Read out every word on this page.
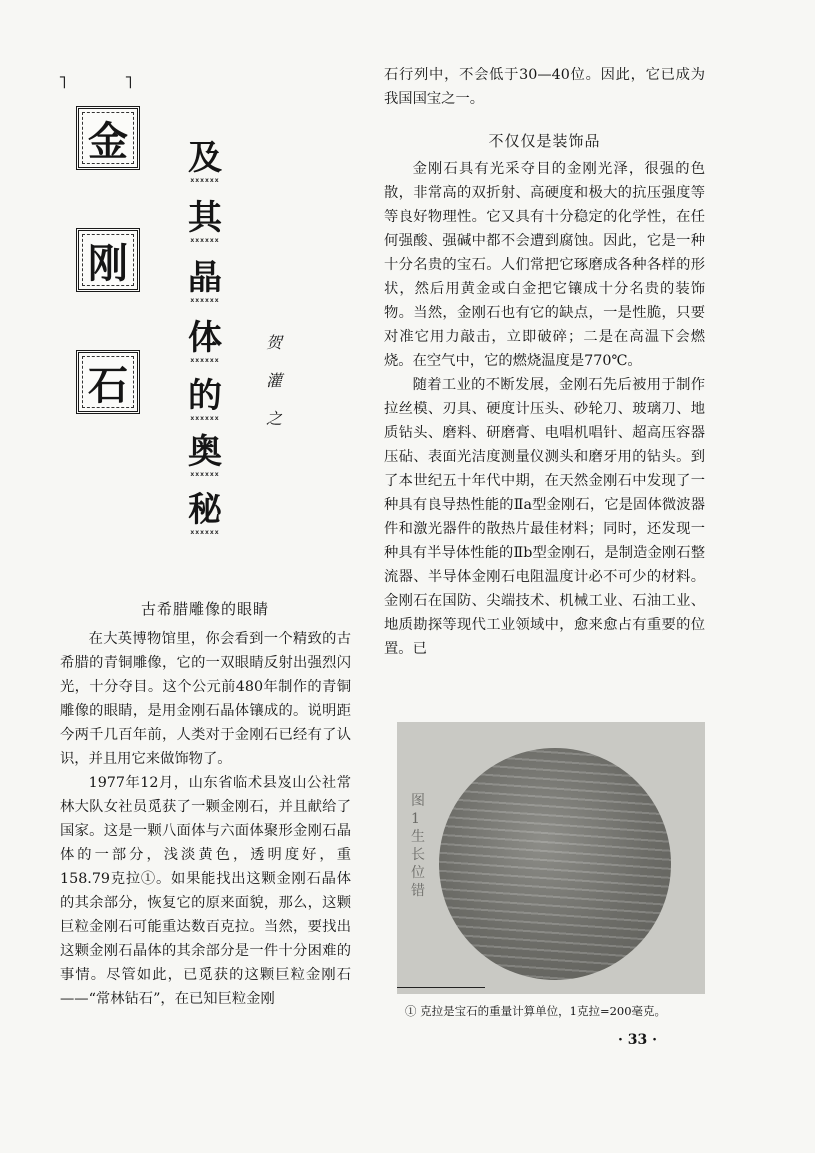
˥	˥
金
刚
石
及 xxxxxx
其 xxxxxx
晶 xxxxxx
体 xxxxxx
的 xxxxxx
奥 xxxxxx
秘 xxxxxx
贺
灌
之
古希腊雕像的眼睛

在大英博物馆里，你会看到一个精致的古希腊的青铜雕像，它的一双眼睛反射出强烈闪光，十分夺目。这个公元前480年制作的青铜雕像的眼睛，是用金刚石晶体镶成的。说明距今两千几百年前，人类对于金刚石已经有了认识，并且用它来做饰物了。

1977年12月，山东省临术县岌山公社常林大队女社员觅获了一颗金刚石，并且献给了国家。这是一颗八面体与六面体聚形金刚石晶体的一部分，浅淡黄色，透明度好，重158.79克拉①。如果能找出这颗金刚石晶体的其余部分，恢复它的原来面貌，那么，这颗巨粒金刚石可能重达数百克拉。当然，要找出这颗金刚石晶体的其余部分是一件十分困难的事情。尽管如此，已觅获的这颗巨粒金刚石——“常林钻石”，在已知巨粒金刚

石行列中，不会低于30—40位。因此，它已成为我国国宝之一。

不仅仅是装饰品

金刚石具有光采夺目的金刚光泽，很强的色散，非常高的双折射、高硬度和极大的抗压强度等等良好物理性。它又具有十分稳定的化学性，在任何强酸、强碱中都不会遭到腐蚀。因此，它是一种十分名贵的宝石。人们常把它琢磨成各种各样的形状，然后用黄金或白金把它镶成十分名贵的装饰物。当然，金刚石也有它的缺点，一是性脆，只要对准它用力敲击，立即破碎；二是在高温下会燃烧。在空气中，它的燃烧温度是770℃。

随着工业的不断发展，金刚石先后被用于制作拉丝模、刃具、硬度计压头、砂轮刀、玻璃刀、地质钻头、磨料、研磨膏、电唱机唱针、超高压容器压砧、表面光洁度测量仪测头和磨牙用的钻头。到了本世纪五十年代中期，在天然金刚石中发现了一种具有良导热性能的Ⅱa型金刚石，它是固体微波器件和激光器件的散热片最佳材料；同时，还发现一种具有半导体性能的Ⅱb型金刚石，是制造金刚石整流器、半导体金刚石电阻温度计必不可少的材料。金刚石在国防、尖端技术、机械工业、石油工业、地质勘探等现代工业领域中，愈来愈占有重要的位置。已

图1 生长位错
① 克拉是宝石的重量计算单位，1克拉=200毫克。
· 33 ·
